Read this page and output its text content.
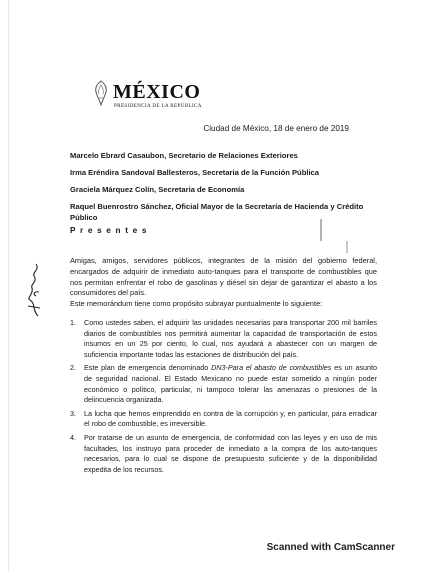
MÉXICO
PRESIDENCIA DE LA REPÚBLICA
Ciudad de México, 18 de enero de 2019
Marcelo Ebrard Casaubon, Secretario de Relaciones Exteriores
Irma Eréndira Sandoval Ballesteros, Secretaria de la Función Pública
Graciela Márquez Colín, Secretaria de Economía
Raquel Buenrostro Sánchez, Oficial Mayor de la Secretaría de Hacienda y Crédito Público
P r e s e n t e s
Amigas, amigos, servidores públicos, integrantes de la misión del gobierno federal, encargados de adquirir de inmediato auto-tanques para el transporte de combustibles que nos permitan enfrentar el robo de gasolinas y diésel sin dejar de garantizar el abasto a los consumidores del país.
Este memorándum tiene como propósito subrayar puntualmente lo siguiente:
1. Como ustedes saben, el adquirir las unidades necesarias para transportar 200 mil barriles diarios de combustibles nos permitirá aumentar la capacidad de transportación de estos insumos en un 25 por ciento, lo cual, nos ayudará a abastecer con un margen de suficiencia importante todas las estaciones de distribución del país.
2. Este plan de emergencia denominado DN3-Para el abasto de combustibles es un asunto de seguridad nacional. El Estado Mexicano no puede estar sometido a ningún poder económico o político, particular, ni tampoco tolerar las amenazas o presiones de la delincuencia organizada.
3. La lucha que hemos emprendido en contra de la corrupción y, en particular, para erradicar el robo de combustible, es irreversible.
4. Por tratarse de un asunto de emergencia, de conformidad con las leyes y en uso de mis facultades, los instruyo para proceder de inmediato a la compra de los auto-tanques necesarios, para lo cual se dispone de presupuesto suficiente y de la disponibilidad expedita de los recursos.
Scanned with CamScanner
